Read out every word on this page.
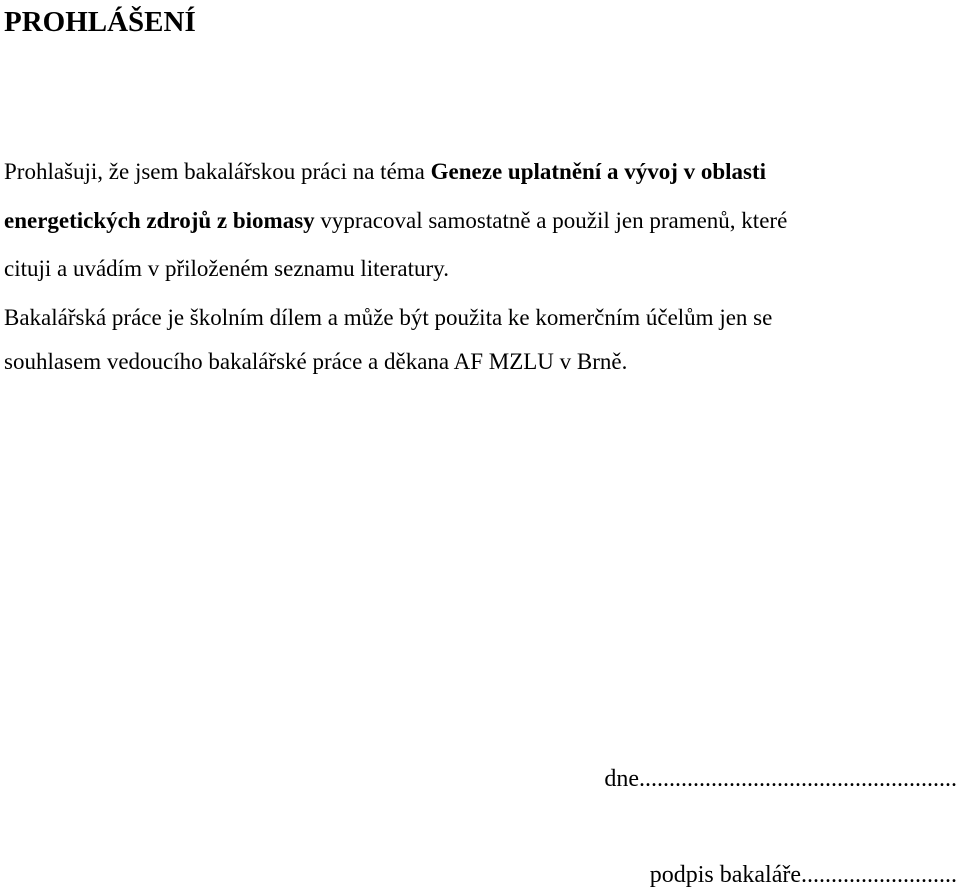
PROHLÁŠENÍ

Prohlašuji, že jsem bakalářskou práci na téma Geneze uplatnění a vývoj v oblasti

energetických zdrojů z biomasy vypracoval samostatně a použil jen pramenů, které

cituji a uvádím v přiloženém seznamu literatury.

Bakalářská práce je školním dílem a může být použita ke komerčním účelům jen se

souhlasem vedoucího bakalářské práce a děkana AF MZLU v Brně.

dne.....................................................

podpis bakaláře..........................
